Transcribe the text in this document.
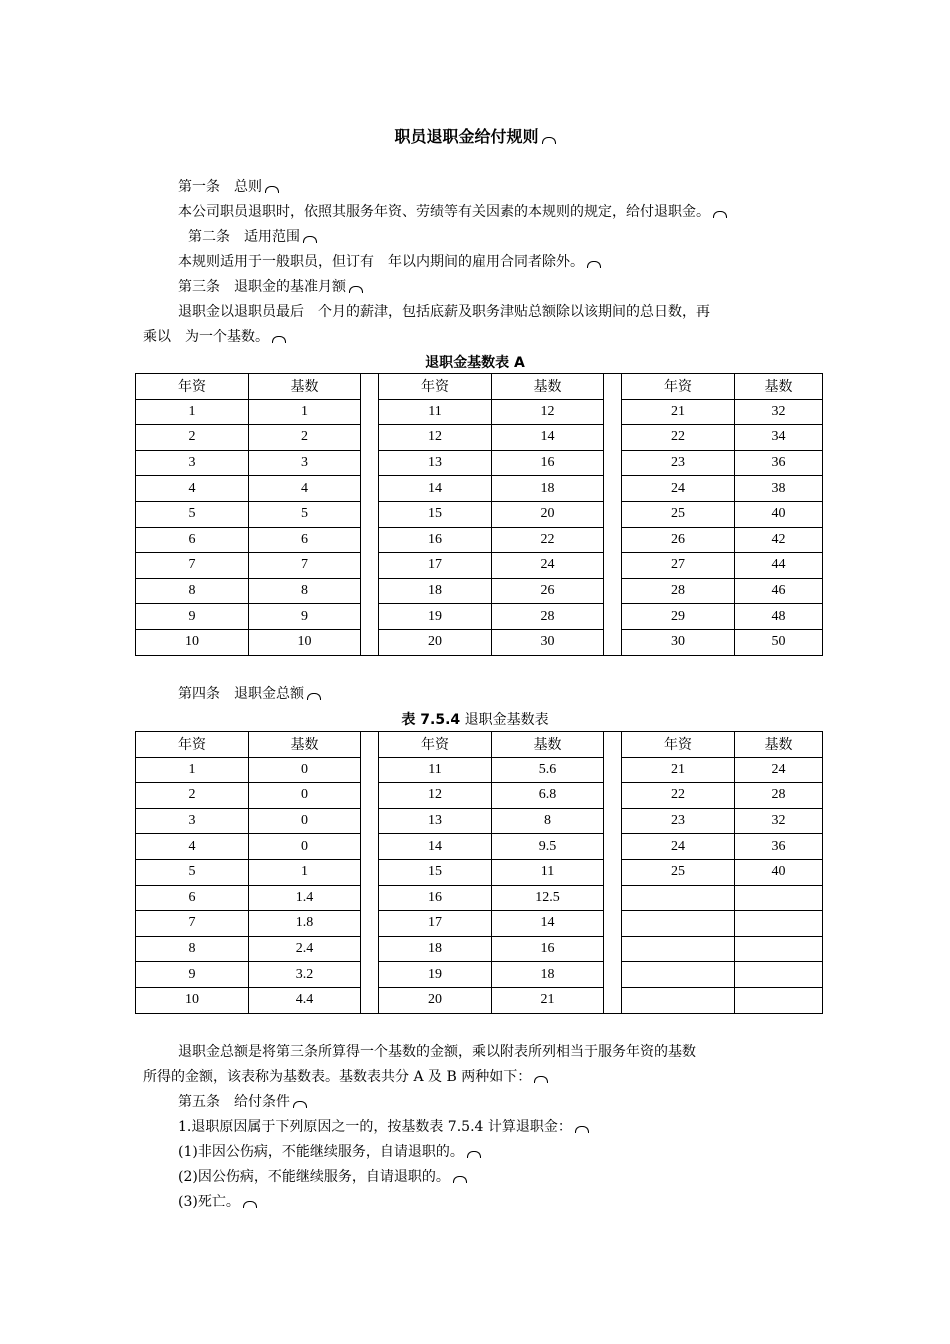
职员退职金给付规则
第一条　总则
本公司职员退职时，依照其服务年资、劳绩等有关因素的本规则的规定，给付退职金。
第二条　适用范围
本规则适用于一般职员，但订有　年以内期间的雇用合同者除外。
第三条　退职金的基准月额
退职金以退职员最后　个月的薪津，包括底薪及职务津贴总额除以该期间的总日数，再
乘以　为一个基数。
退职金基数表 A
年资	基数		年资	基数		年资	基数
1	1		11	12		21	32
2	2		12	14		22	34
3	3		13	16		23	36
4	4		14	18		24	38
5	5		15	20		25	40
6	6		16	22		26	42
7	7		17	24		27	44
8	8		18	26		28	46
9	9		19	28		29	48
10	10		20	30		30	50
第四条　退职金总额
表 7.5.4 退职金基数表
年资	基数		年资	基数		年资	基数
1	0		11	5.6		21	24
2	0		12	6.8		22	28
3	0		13	8		23	32
4	0		14	9.5		24	36
5	1		15	11		25	40
6	1.4		16	12.5			
7	1.8		17	14			
8	2.4		18	16			
9	3.2		19	18			
10	4.4		20	21			
退职金总额是将第三条所算得一个基数的金额，乘以附表所列相当于服务年资的基数
所得的金额，该表称为基数表。基数表共分 A 及 B 两种如下：
第五条　给付条件
1.退职原因属于下列原因之一的，按基数表 7.5.4 计算退职金：
(1)非因公伤病，不能继续服务，自请退职的。
(2)因公伤病，不能继续服务，自请退职的。
(3)死亡。
